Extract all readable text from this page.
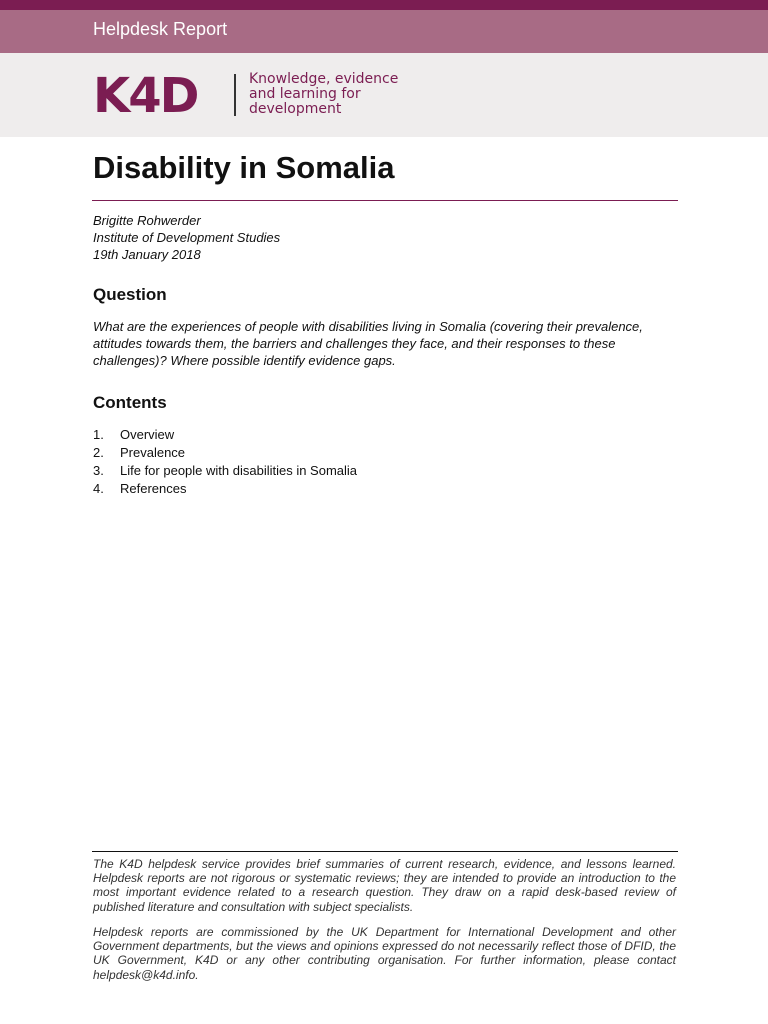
Helpdesk Report
K4D	Knowledge, evidence
and learning for
development
Disability in Somalia
Brigitte Rohwerder
Institute of Development Studies
19th January 2018
Question

What are the experiences of people with disabilities living in Somalia (covering their prevalence, attitudes towards them, the barriers and challenges they face, and their responses to these challenges)? Where possible identify evidence gaps.

Contents
1.	Overview
2.	Prevalence
3.	Life for people with disabilities in Somalia
4.	References

The K4D helpdesk service provides brief summaries of current research, evidence, and lessons learned. Helpdesk reports are not rigorous or systematic reviews; they are intended to provide an introduction to the most important evidence related to a research question. They draw on a rapid desk-based review of published literature and consultation with subject specialists.

Helpdesk reports are commissioned by the UK Department for International Development and other Government departments, but the views and opinions expressed do not necessarily reflect those of DFID, the UK Government, K4D or any other contributing organisation. For further information, please contact helpdesk@k4d.info.
